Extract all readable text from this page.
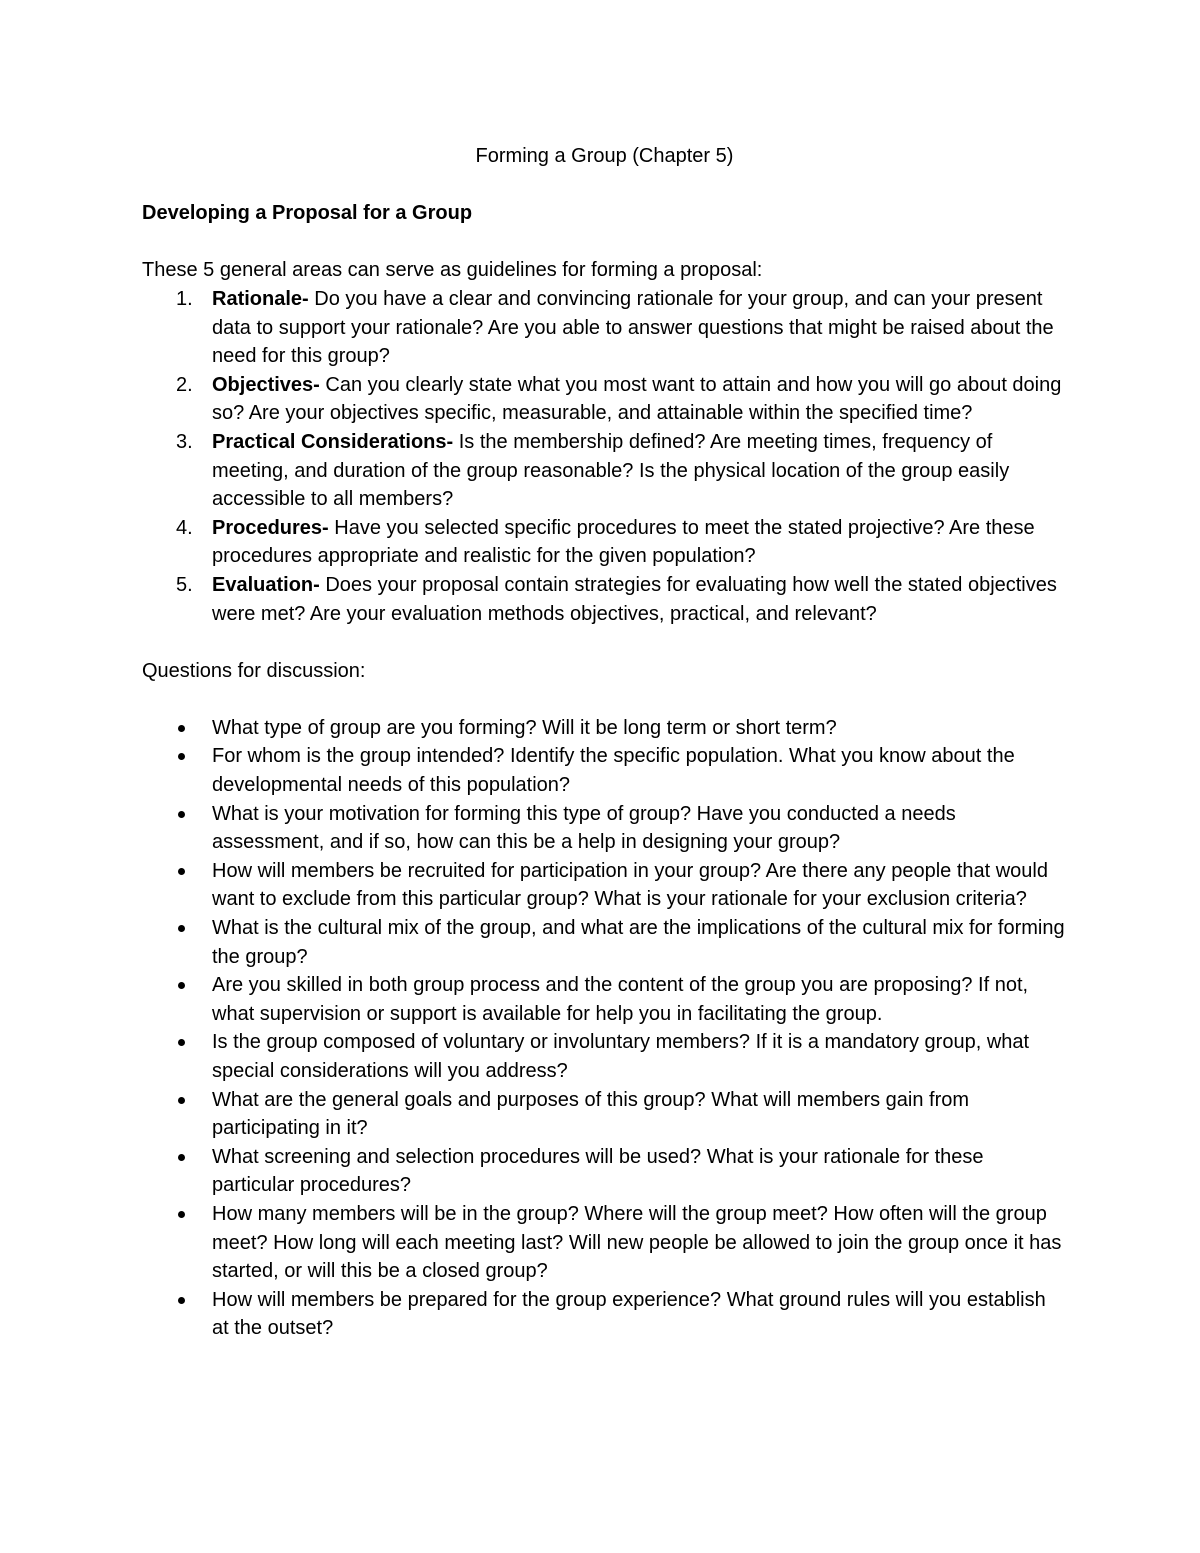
Forming a Group (Chapter 5)

Developing a Proposal for a Group

These 5 general areas can serve as guidelines for forming a proposal:

1. Rationale- Do you have a clear and convincing rationale for your group, and can your present data to support your rationale? Are you able to answer questions that might be raised about the need for this group?
2. Objectives- Can you clearly state what you most want to attain and how you will go about doing so? Are your objectives specific, measurable, and attainable within the specified time?
3. Practical Considerations- Is the membership defined? Are meeting times, frequency of meeting, and duration of the group reasonable? Is the physical location of the group easily accessible to all members?
4. Procedures- Have you selected specific procedures to meet the stated projective? Are these procedures appropriate and realistic for the given population?
5. Evaluation- Does your proposal contain strategies for evaluating how well the stated objectives were met? Are your evaluation methods objectives, practical, and relevant?

Questions for discussion:

What type of group are you forming? Will it be long term or short term?
For whom is the group intended? Identify the specific population. What you know about the developmental needs of this population?
What is your motivation for forming this type of group? Have you conducted a needs assessment, and if so, how can this be a help in designing your group?
How will members be recruited for participation in your group? Are there any people that would want to exclude from this particular group? What is your rationale for your exclusion criteria?
What is the cultural mix of the group, and what are the implications of the cultural mix for forming the group?
Are you skilled in both group process and the content of the group you are proposing? If not, what supervision or support is available for help you in facilitating the group.
Is the group composed of voluntary or involuntary members? If it is a mandatory group, what special considerations will you address?
What are the general goals and purposes of this group? What will members gain from participating in it?
What screening and selection procedures will be used? What is your rationale for these particular procedures?
How many members will be in the group? Where will the group meet? How often will the group meet? How long will each meeting last? Will new people be allowed to join the group once it has started, or will this be a closed group?
How will members be prepared for the group experience? What ground rules will you establish at the outset?
